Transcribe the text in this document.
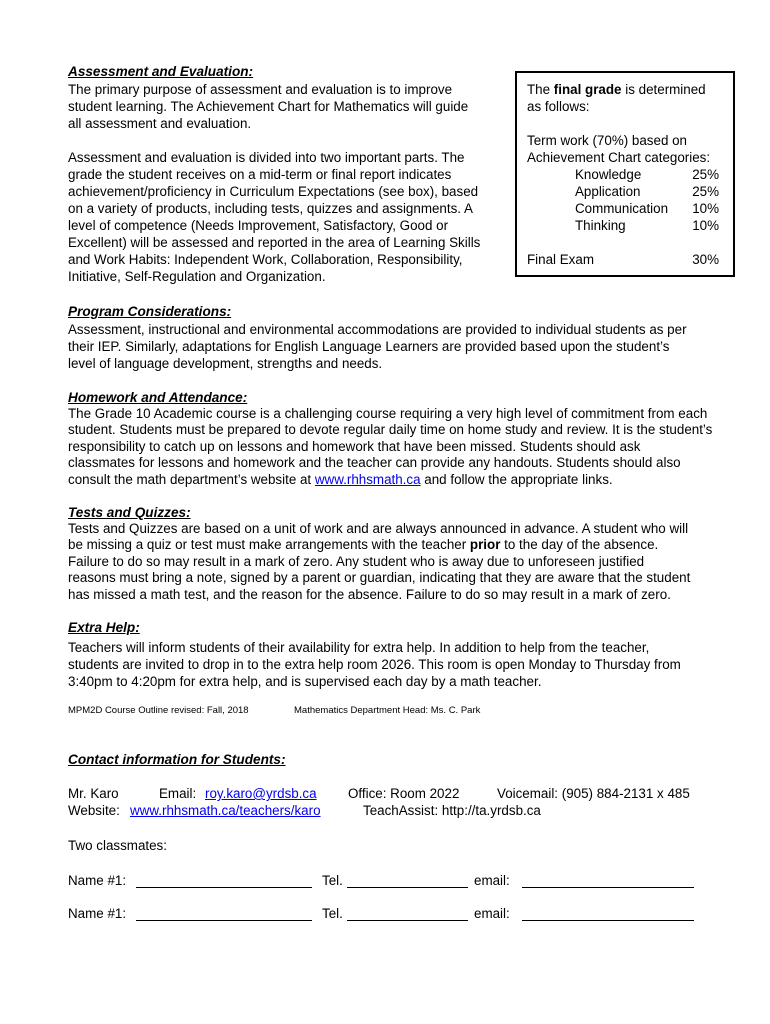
Assessment and Evaluation:
The primary purpose of assessment and evaluation is to improve
student learning. The Achievement Chart for Mathematics will guide
all assessment and evaluation.
Assessment and evaluation is divided into two important parts. The
grade the student receives on a mid-term or final report indicates
achievement/proficiency in Curriculum Expectations (see box), based
on a variety of products, including tests, quizzes and assignments. A
level of competence (Needs Improvement, Satisfactory, Good or
Excellent) will be assessed and reported in the area of Learning Skills
and Work Habits: Independent Work, Collaboration, Responsibility,
Initiative, Self-Regulation and Organization.
The final grade is determined
as follows:
Term work (70%) based on
Achievement Chart categories:
Knowledge	25%
Application	25%
Communication 10%
Thinking	10%
Final Exam	30%
Program Considerations:
Assessment, instructional and environmental accommodations are provided to individual students as per
their IEP. Similarly, adaptations for English Language Learners are provided based upon the student’s
level of language development, strengths and needs.
Homework and Attendance:
The Grade 10 Academic course is a challenging course requiring a very high level of commitment from each
student. Students must be prepared to devote regular daily time on home study and review. It is the student’s
responsibility to catch up on lessons and homework that have been missed. Students should ask
classmates for lessons and homework and the teacher can provide any handouts. Students should also
consult the math department’s website at www.rhhsmath.ca and follow the appropriate links.
Tests and Quizzes:
Tests and Quizzes are based on a unit of work and are always announced in advance. A student who will
be missing a quiz or test must make arrangements with the teacher prior to the day of the absence.
Failure to do so may result in a mark of zero. Any student who is away due to unforeseen justified
reasons must bring a note, signed by a parent or guardian, indicating that they are aware that the student
has missed a math test, and the reason for the absence. Failure to do so may result in a mark of zero.
Extra Help:
Teachers will inform students of their availability for extra help. In addition to help from the teacher,
students are invited to drop in to the extra help room 2026. This room is open Monday to Thursday from
3:40pm to 4:20pm for extra help, and is supervised each day by a math teacher.
MPM2D Course Outline revised: Fall, 2018	Mathematics Department Head: Ms. C. Park
Contact information for Students:
Mr. Karo	Email: roy.karo@yrdsb.ca Office: Room 2022	Voicemail: (905) 884-2131 x 485
Website: www.rhhsmath.ca/teachers/karo	TeachAssist: http://ta.yrdsb.ca
Two classmates:
Name #1:	Tel.	email:
Name #1:	Tel.	email:
